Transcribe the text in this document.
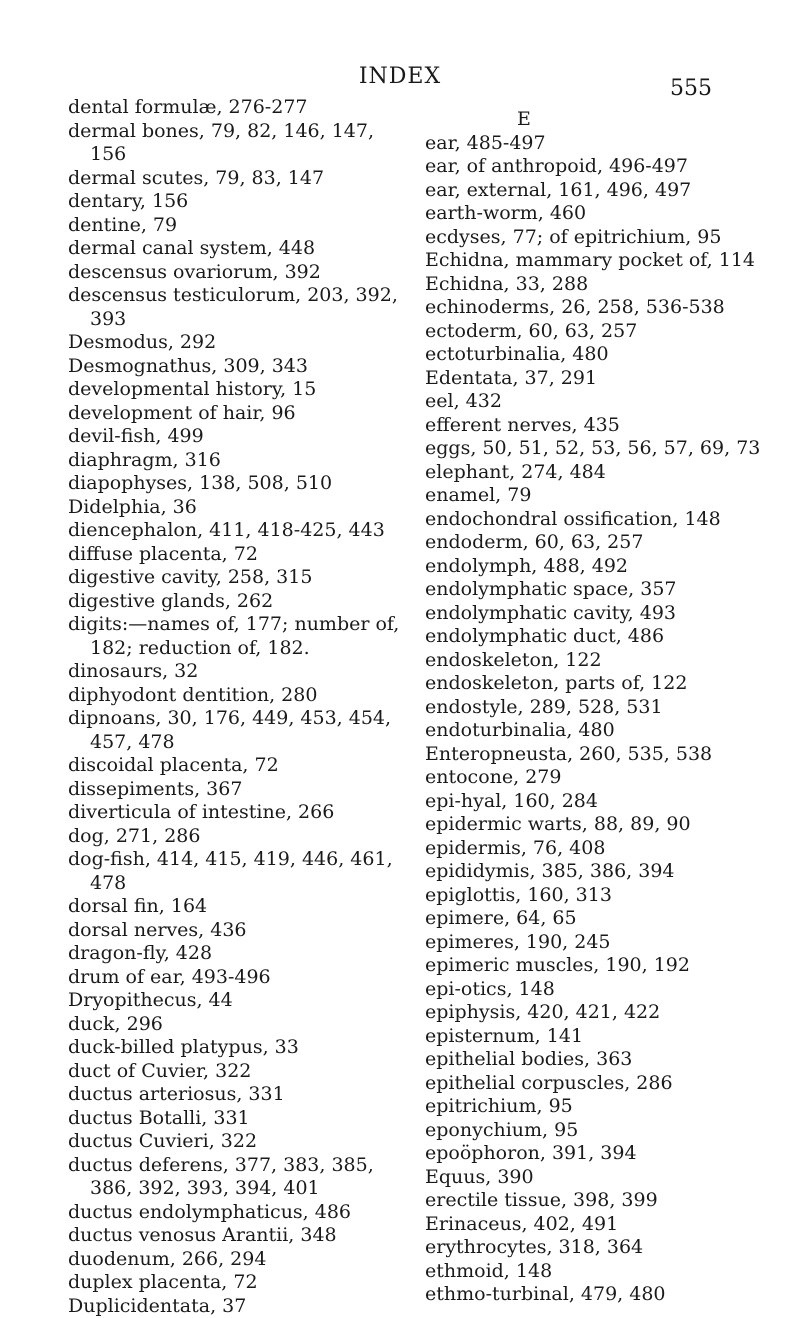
INDEX	555
dental formulæ, 276-277
dermal bones, 79, 82, 146, 147, 156
dermal scutes, 79, 83, 147
dentary, 156
dentine, 79
dermal canal system, 448
descensus ovariorum, 392
descensus testiculorum, 203, 392, 393
Desmodus, 292
Desmognathus, 309, 343
developmental history, 15
development of hair, 96
devil-fish, 499
diaphragm, 316
diapophyses, 138, 508, 510
Didelphia, 36
diencephalon, 411, 418-425, 443
diffuse placenta, 72
digestive cavity, 258, 315
digestive glands, 262
digits:—names of, 177; number of, 182; reduction of, 182.
dinosaurs, 32
diphyodont dentition, 280
dipnoans, 30, 176, 449, 453, 454, 457, 478
discoidal placenta, 72
dissepiments, 367
diverticula of intestine, 266
dog, 271, 286
dog-fish, 414, 415, 419, 446, 461, 478
dorsal fin, 164
dorsal nerves, 436
dragon-fly, 428
drum of ear, 493-496
Dryopithecus, 44
duck, 296
duck-billed platypus, 33
duct of Cuvier, 322
ductus arteriosus, 331
ductus Botalli, 331
ductus Cuvieri, 322
ductus deferens, 377, 383, 385, 386, 392, 393, 394, 401
ductus endolymphaticus, 486
ductus venosus Arantii, 348
duodenum, 266, 294
duplex placenta, 72
Duplicidentata, 37
E
ear, 485-497
ear, of anthropoid, 496-497
ear, external, 161, 496, 497
earth-worm, 460
ecdyses, 77; of epitrichium, 95
Echidna, mammary pocket of, 114
Echidna, 33, 288
echinoderms, 26, 258, 536-538
ectoderm, 60, 63, 257
ectoturbinalia, 480
Edentata, 37, 291
eel, 432
efferent nerves, 435
eggs, 50, 51, 52, 53, 56, 57, 69, 73
elephant, 274, 484
enamel, 79
endochondral ossification, 148
endoderm, 60, 63, 257
endolymph, 488, 492
endolymphatic space, 357
endolymphatic cavity, 493
endolymphatic duct, 486
endoskeleton, 122
endoskeleton, parts of, 122
endostyle, 289, 528, 531
endoturbinalia, 480
Enteropneusta, 260, 535, 538
entocone, 279
epi-hyal, 160, 284
epidermic warts, 88, 89, 90
epidermis, 76, 408
epididymis, 385, 386, 394
epiglottis, 160, 313
epimere, 64, 65
epimeres, 190, 245
epimeric muscles, 190, 192
epi-otics, 148
epiphysis, 420, 421, 422
episternum, 141
epithelial bodies, 363
epithelial corpuscles, 286
epitrichium, 95
eponychium, 95
epoöphoron, 391, 394
Equus, 390
erectile tissue, 398, 399
Erinaceus, 402, 491
erythrocytes, 318, 364
ethmoid, 148
ethmo-turbinal, 479, 480
